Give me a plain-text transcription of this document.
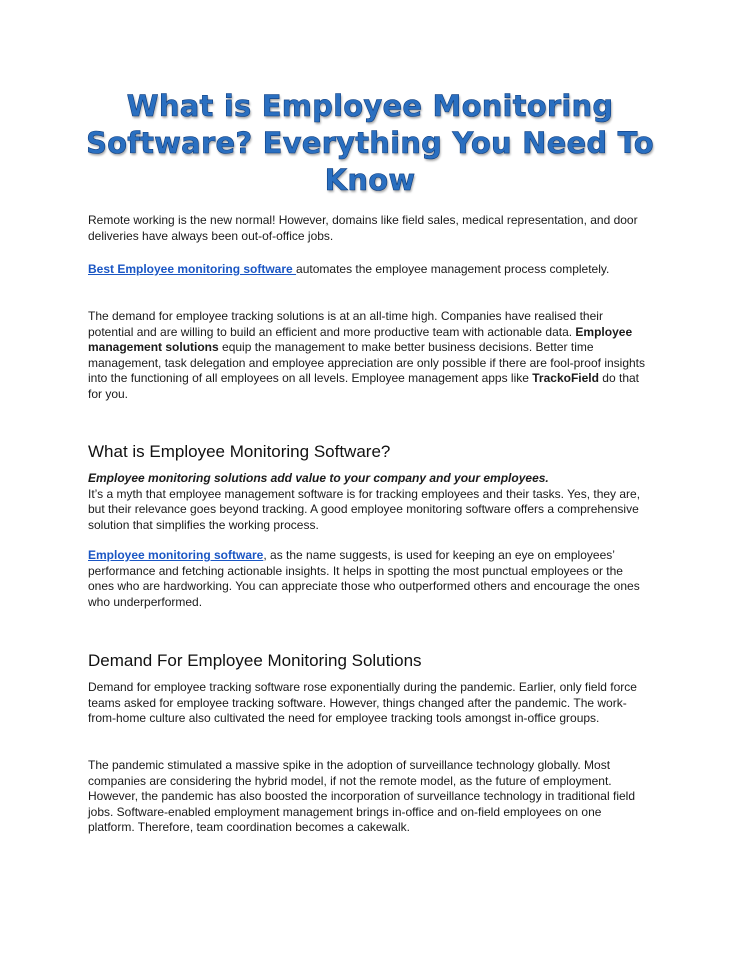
What is Employee Monitoring Software? Everything You Need To Know

Remote working is the new normal! However, domains like field sales, medical representation, and door deliveries have always been out-of-office jobs.

Best Employee monitoring software automates the employee management process completely.

The demand for employee tracking solutions is at an all-time high. Companies have realised their potential and are willing to build an efficient and more productive team with actionable data. Employee management solutions equip the management to make better business decisions. Better time management, task delegation and employee appreciation are only possible if there are fool-proof insights into the functioning of all employees on all levels. Employee management apps like TrackoField do that for you.

What is Employee Monitoring Software?

Employee monitoring solutions add value to your company and your employees.
It’s a myth that employee management software is for tracking employees and their tasks. Yes, they are, but their relevance goes beyond tracking. A good employee monitoring software offers a comprehensive solution that simplifies the working process.

Employee monitoring software, as the name suggests, is used for keeping an eye on employees’ performance and fetching actionable insights. It helps in spotting the most punctual employees or the ones who are hardworking. You can appreciate those who outperformed others and encourage the ones who underperformed.

Demand For Employee Monitoring Solutions

Demand for employee tracking software rose exponentially during the pandemic. Earlier, only field force teams asked for employee tracking software. However, things changed after the pandemic. The work-from-home culture also cultivated the need for employee tracking tools amongst in-office groups.

The pandemic stimulated a massive spike in the adoption of surveillance technology globally. Most companies are considering the hybrid model, if not the remote model, as the future of employment. However, the pandemic has also boosted the incorporation of surveillance technology in traditional field jobs. Software-enabled employment management brings in-office and on-field employees on one platform. Therefore, team coordination becomes a cakewalk.
